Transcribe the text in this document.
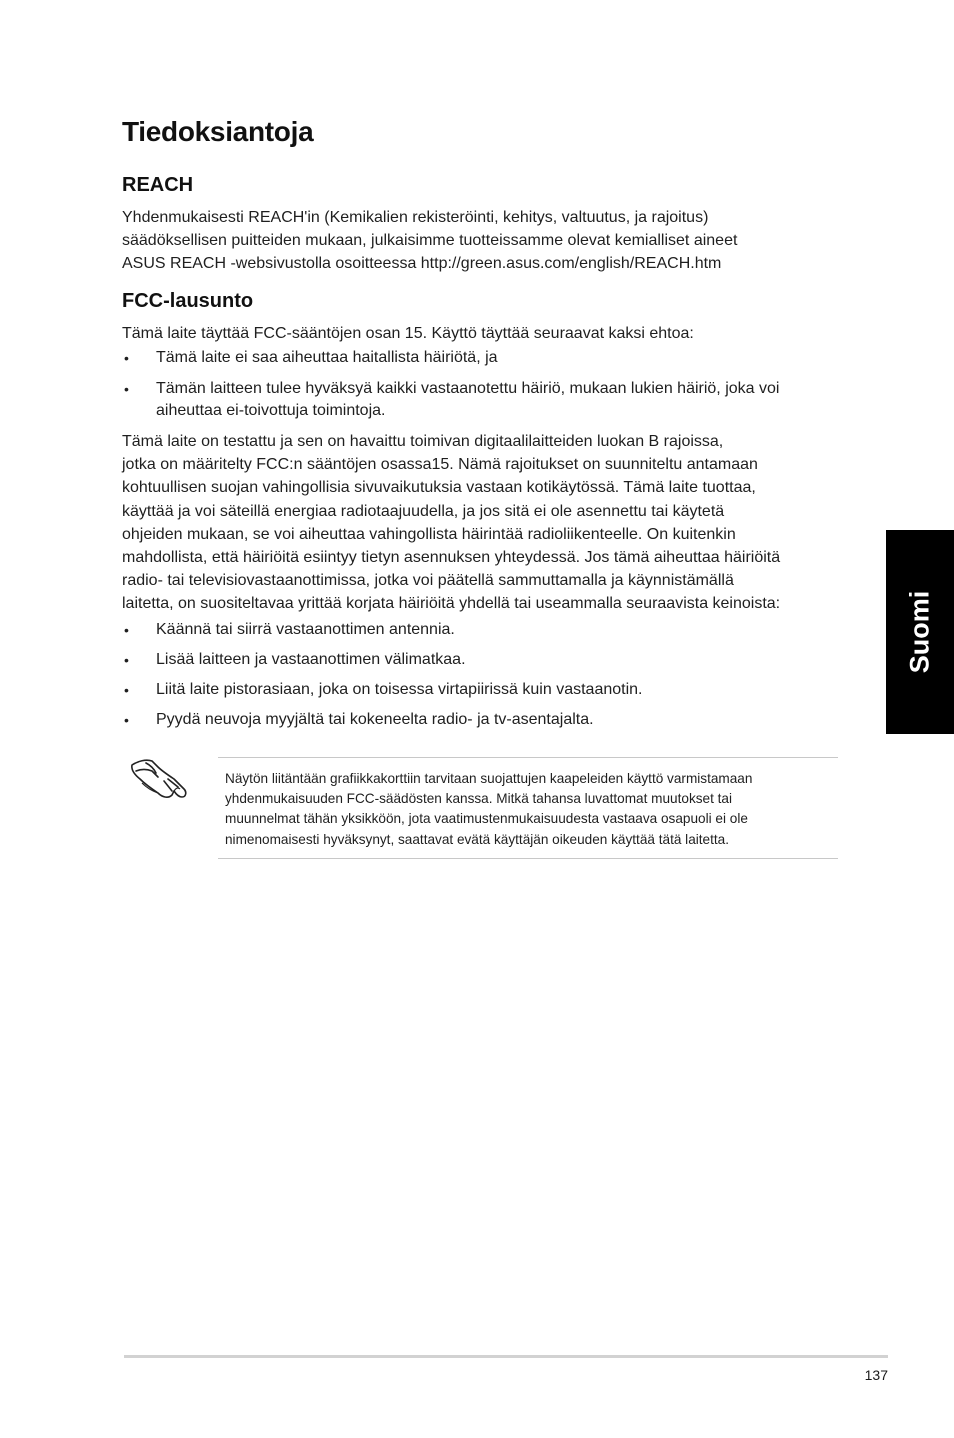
Tiedoksiantoja
REACH

Yhdenmukaisesti REACH'in (Kemikalien rekisteröinti, kehitys, valtuutus, ja rajoitus)
säädöksellisen puitteiden mukaan, julkaisimme tuotteissamme olevat kemialliset aineet
ASUS REACH -websivustolla osoitteessa http://green.asus.com/english/REACH.htm

FCC-lausunto

Tämä laite täyttää FCC-sääntöjen osan 15. Käyttö täyttää seuraavat kaksi ehtoa:

• Tämä laite ei saa aiheuttaa haitallista häiriötä, ja
• Tämän laitteen tulee hyväksyä kaikki vastaanotettu häiriö, mukaan lukien häiriö, joka voi aiheuttaa ei-toivottuja toimintoja.

Tämä laite on testattu ja sen on havaittu toimivan digitaalilaitteiden luokan B rajoissa,
jotka on määritelty FCC:n sääntöjen osassa15. Nämä rajoitukset on suunniteltu antamaan
kohtuullisen suojan vahingollisia sivuvaikutuksia vastaan kotikäytössä. Tämä laite tuottaa,
käyttää ja voi säteillä energiaa radiotaajuudella, ja jos sitä ei ole asennettu tai käytetä
ohjeiden mukaan, se voi aiheuttaa vahingollista häirintää radioliikenteelle. On kuitenkin
mahdollista, että häiriöitä esiintyy tietyn asennuksen yhteydessä. Jos tämä aiheuttaa häiriöitä
radio- tai televisiovastaanottimissa, jotka voi päätellä sammuttamalla ja käynnistämällä
laitetta, on suositeltavaa yrittää korjata häiriöitä yhdellä tai useammalla seuraavista keinoista:

• Käännä tai siirrä vastaanottimen antennia.
• Lisää laitteen ja vastaanottimen välimatkaa.
• Liitä laite pistorasiaan, joka on toisessa virtapiirissä kuin vastaanotin.
• Pyydä neuvoja myyjältä tai kokeneelta radio- ja tv-asentajalta.

Näytön liitäntään grafiikkakorttiin tarvitaan suojattujen kaapeleiden käyttö varmistamaan
yhdenmukaisuuden FCC-säädösten kanssa. Mitkä tahansa luvattomat muutokset tai
muunnelmat tähän yksikköön, jota vaatimustenmukaisuudesta vastaava osapuoli ei ole
nimenomaisesti hyväksynyt, saattavat evätä käyttäjän oikeuden käyttää tätä laitetta.

Suomi
137
